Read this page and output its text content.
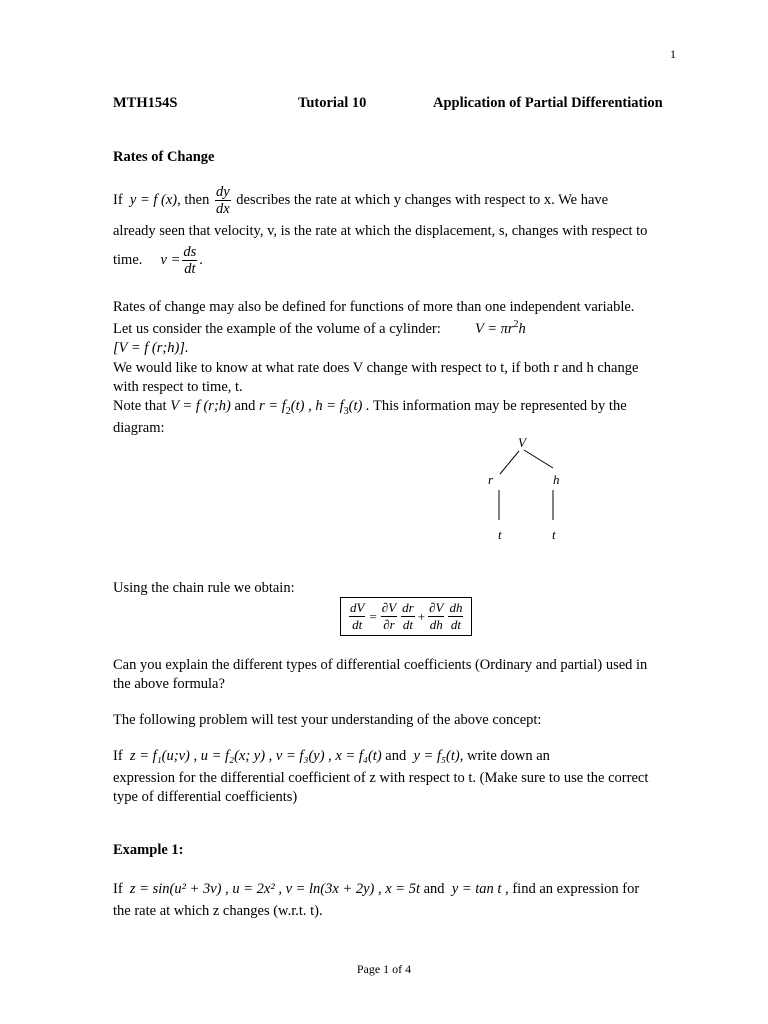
1
MTH154S	Tutorial 10	Application of Partial Differentiation
Rates of Change
If
y = f (x) , then
$\frac{dy}{dx}$
describes the rate at which y changes with respect to x. We have
already seen that velocity, v, is the rate at which the displacement, s, changes with respect to
time.
$v = \frac{ds}{dt}$ .
Rates of change may also be defined for functions of more than one independent variable.
Let us consider the example of the volume of a cylinder: $V = \pi r^2h$
[V = f (r;h)].
We would like to know at what rate does V change with respect to t, if both r and h change
with respect to time, t.
Note that V = f (r;h) and $r = f_2(t)$ , $h = f_3(t)$ . This information may be represented by the
diagram:
V
r	h
t	t
Using the chain rule we obtain:
$\frac{dV}{dt} = \frac{\partial V}{\partial r} \frac{dr}{dt} + \frac{\partial V}{dh} \frac{dh}{dt}$
Can you explain the different types of differential coefficients (Ordinary and partial) used in
the above formula?
The following problem will test your understanding of the above concept:
If z = f₁(u;v) , u = f₂(x; y) , v = f₃(y) , x = f₄(t) and y = f₅(t), write down an
expression for the differential coefficient of z with respect to t. (Make sure to use the correct
type of differential coefficients)
Example 1:
If z = sin(u² + 3v) , u = 2x² , v = ln(3x + 2y) , x = 5t and y = tan t , find an expression for
the rate at which z changes (w.r.t. t).
Page 1 of 4
